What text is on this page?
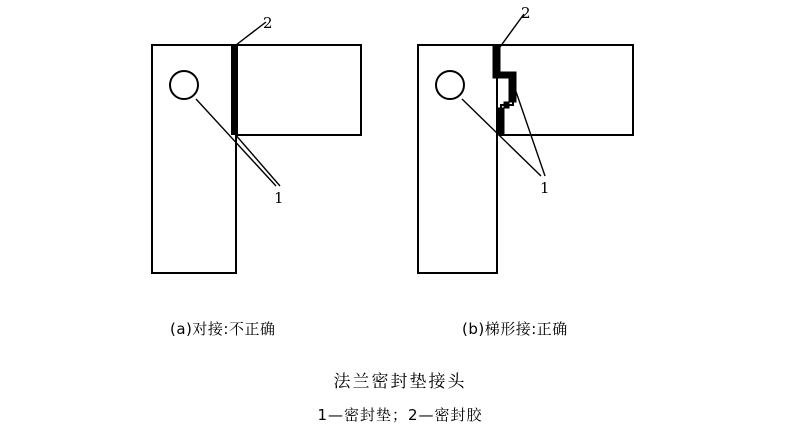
2
1
2
1
(a)对接:不正确	(b)梯形接:正确
法兰密封垫接头
1—密封垫；2—密封胶
